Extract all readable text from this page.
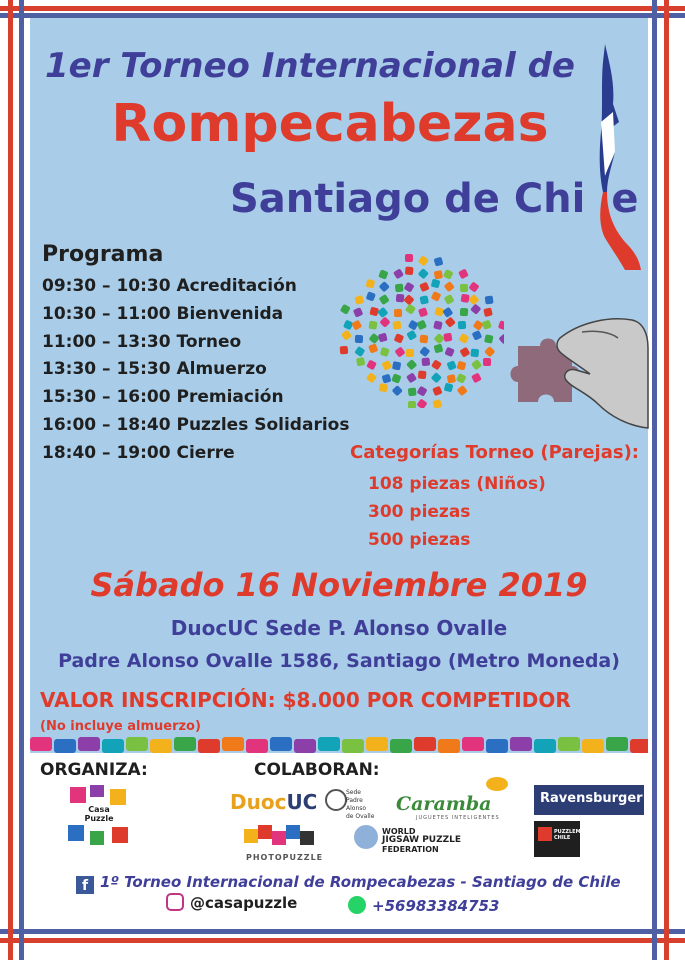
1er Torneo Internacional de
Rompecabezas
Santiago de Chi e
Programa
09:30 – 10:30 Acreditación
10:30 – 11:00 Bienvenida
11:00 – 13:30 Torneo
13:30 – 15:30 Almuerzo
15:30 – 16:00 Premiación
16:00 – 18:40 Puzzles Solidarios
18:40 – 19:00 Cierre	Categorías Torneo (Parejas):
108 piezas (Niños)
300 piezas
500 piezas
Sábado 16 Noviembre 2019
DuocUC Sede P. Alonso Ovalle
Padre Alonso Ovalle 1586, Santiago (Metro Moneda)
VALOR INSCRIPCIÓN: $8.000 POR COMPETIDOR
(No incluye almuerzo)
ORGANIZA:	COLABORAN:
Casa Puzzle
DuocUC	Sede
Padre Alonso
de Ovalle
Caramba
JUGUETES INTELIGENTES
Ravensburger
PHOTOPUZZLE
WORLD
JIGSAW PUZZLE
FEDERATION
PUZZLEMANIA CHILE
f 1º Torneo Internacional de Rompecabezas - Santiago de Chile
@casapuzzle	+56983384753
